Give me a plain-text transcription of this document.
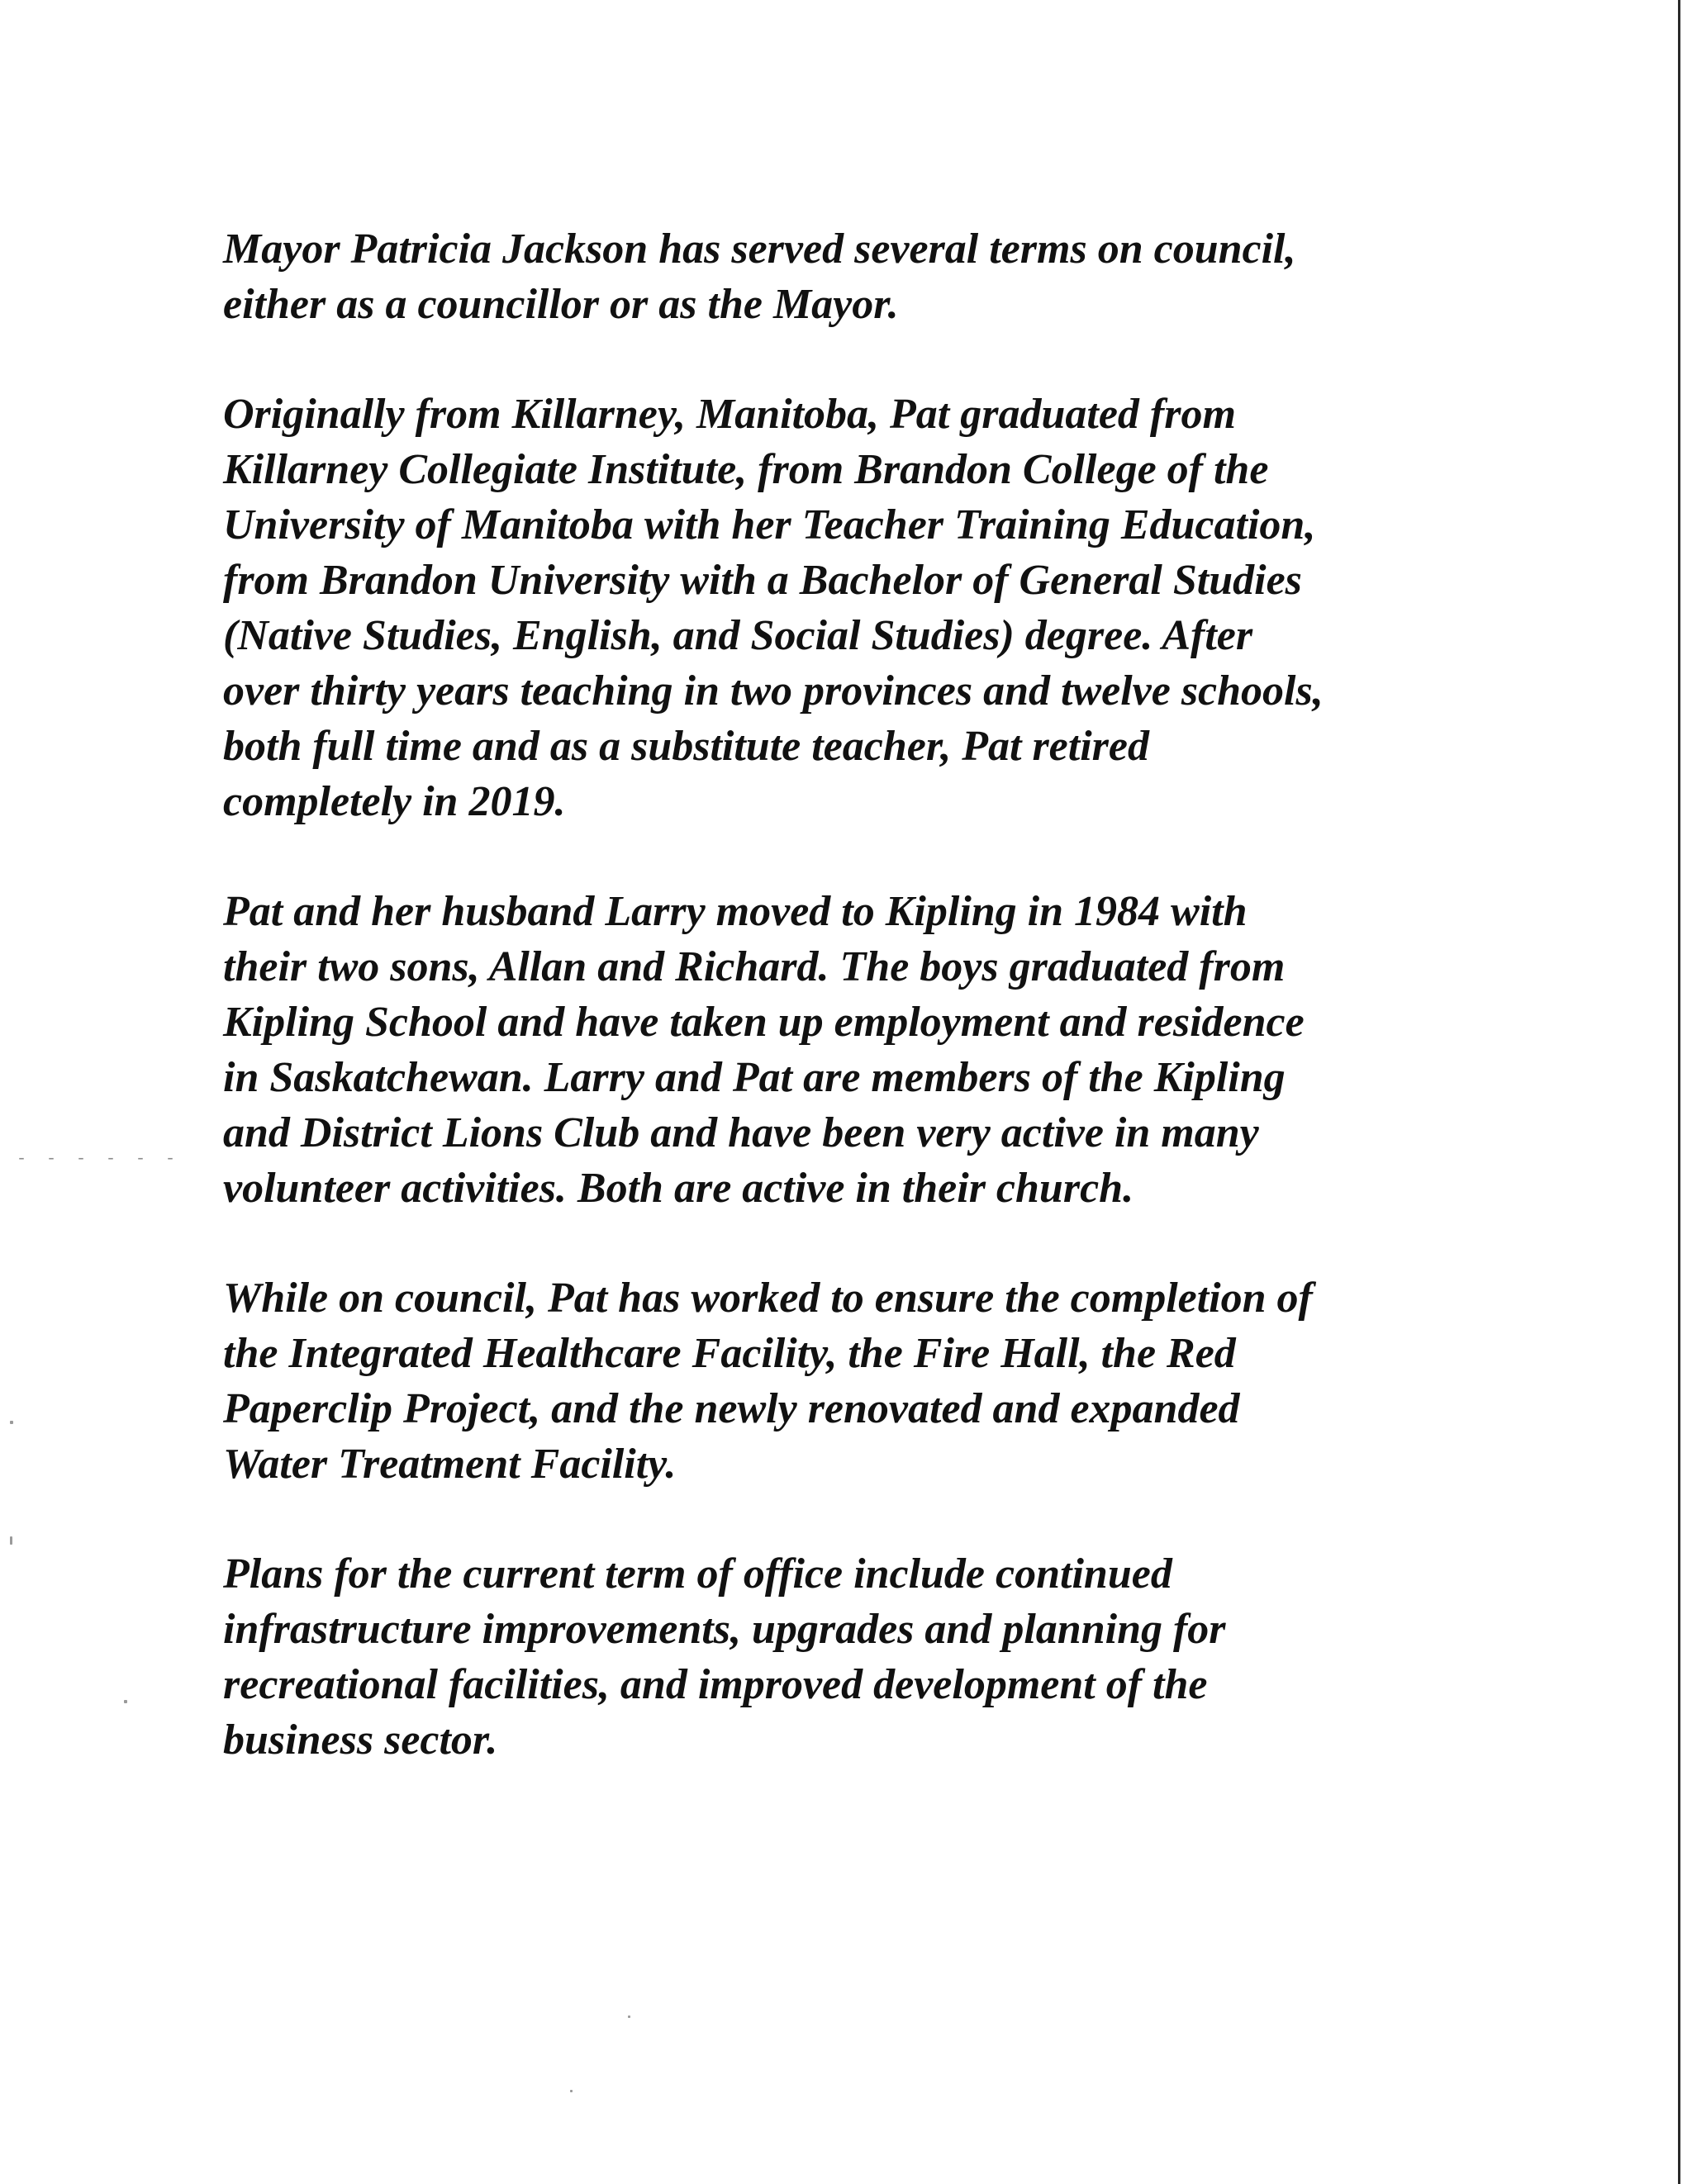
- - - - - -
Mayor Patricia Jackson has served several terms on council,
either as a councillor or as the Mayor.
Originally from Killarney, Manitoba, Pat graduated from
Killarney Collegiate Institute, from Brandon College of the
University of Manitoba with her Teacher Training Education,
from Brandon University with a Bachelor of General Studies
(Native Studies, English, and Social Studies) degree. After
over thirty years teaching in two provinces and twelve schools,
both full time and as a substitute teacher, Pat retired
completely in 2019.
Pat and her husband Larry moved to Kipling in 1984 with
their two sons, Allan and Richard. The boys graduated from
Kipling School and have taken up employment and residence
in Saskatchewan. Larry and Pat are members of the Kipling
and District Lions Club and have been very active in many
volunteer activities. Both are active in their church.
While on council, Pat has worked to ensure the completion of
the Integrated Healthcare Facility, the Fire Hall, the Red
Paperclip Project, and the newly renovated and expanded
Water Treatment Facility.
Plans for the current term of office include continued
infrastructure improvements, upgrades and planning for
recreational facilities, and improved development of the
business sector.
